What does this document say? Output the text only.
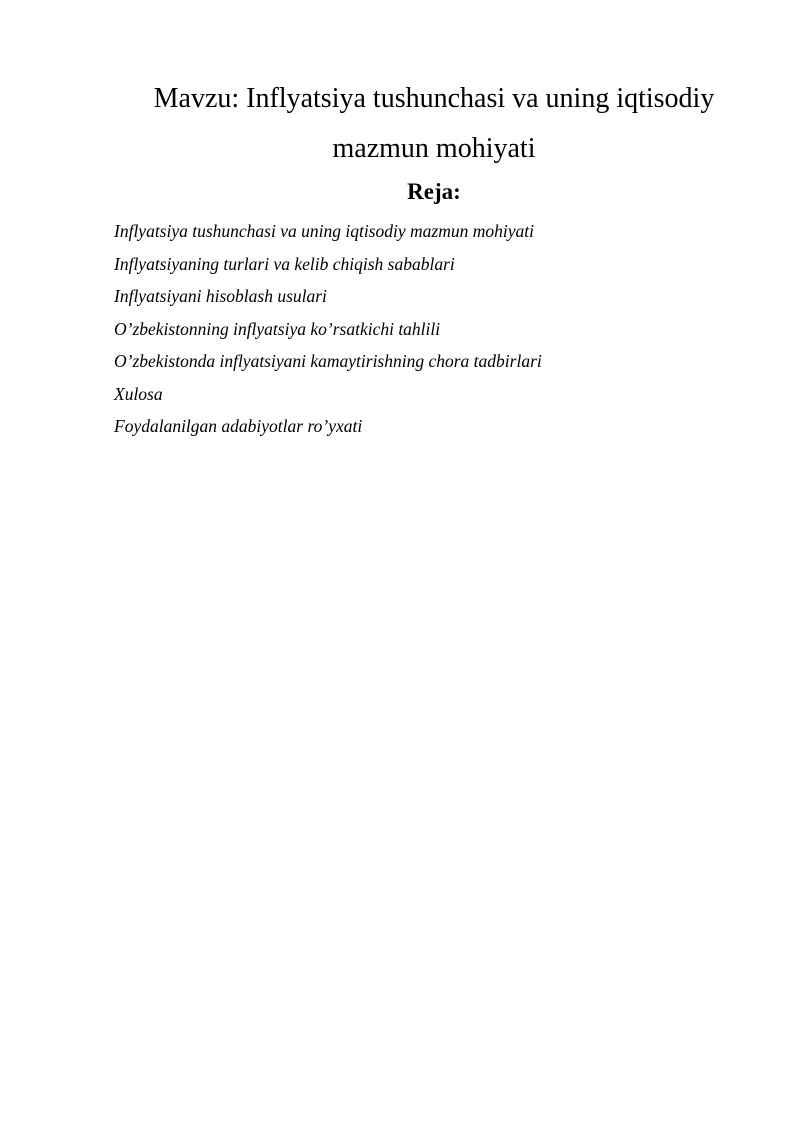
Mavzu: Inflyatsiya tushunchasi va uning iqtisodiy
mazmun mohiyati
Reja:
Inflyatsiya tushunchasi va uning iqtisodiy mazmun mohiyati
Inflyatsiyaning turlari va kelib chiqish sabablari
Inflyatsiyani hisoblash usulari
O’zbekistonning inflyatsiya ko’rsatkichi tahlili
O’zbekistonda inflyatsiyani kamaytirishning chora tadbirlari
Xulosa
Foydalanilgan adabiyotlar ro’yxati
